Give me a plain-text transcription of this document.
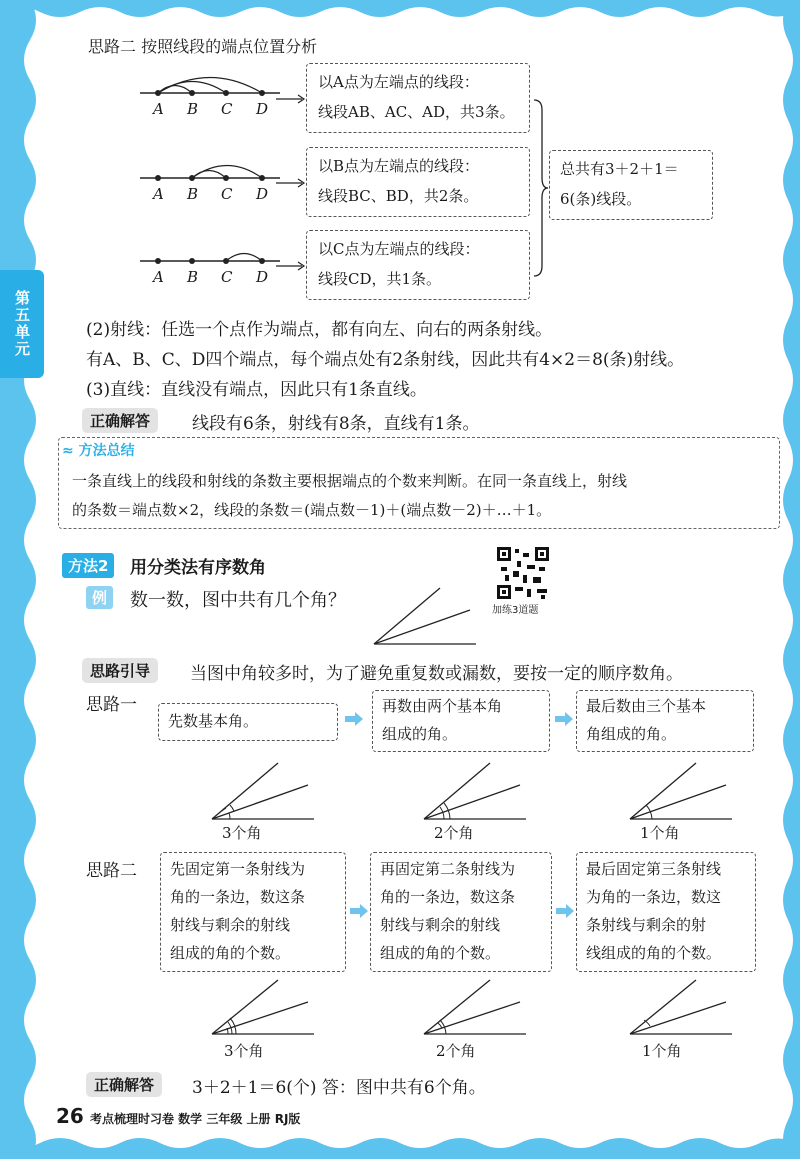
第五单元
思路二 按照线段的端点位置分析
A B C D
A B C D
A B C D
以A点为左端点的线段：
线段AB、AC、AD，共3条。
以B点为左端点的线段：
线段BC、BD，共2条。
以C点为左端点的线段：
线段CD，共1条。
总共有3＋2＋1＝
6(条)线段。
(2)射线：任选一个点作为端点，都有向左、向右的两条射线。
有A、B、C、D四个端点，每个端点处有2条射线，因此共有4×2＝8(条)射线。
(3)直线：直线没有端点，因此只有1条直线。
正确解答	线段有6条，射线有8条，直线有1条。
≈ 方法总结
一条直线上的线段和射线的条数主要根据端点的个数来判断。在同一条直线上，射线
的条数＝端点数×2，线段的条数＝(端点数－1)＋(端点数－2)＋…＋1。
方法2	用分类法有序数角
加练3道题
例	数一数，图中共有几个角？
思路引导	当图中角较多时，为了避免重复数或漏数，要按一定的顺序数角。
思路一
先数基本角。
再数由两个基本角
组成的角。
最后数由三个基本
角组成的角。
3个角	2个角	1个角
思路二 先固定第一条射线为
角的一条边，数这条
射线与剩余的射线
组成的角的个数。
再固定第二条射线为
角的一条边，数这条
射线与剩余的射线
组成的角的个数。
最后固定第三条射线
为角的一条边，数这
条射线与剩余的射
线组成的角的个数。
3个角	2个角	1个角
正确解答	3＋2＋1＝6(个) 答：图中共有6个角。
26 考点梳理时习卷 数学 三年级 上册 RJ版
